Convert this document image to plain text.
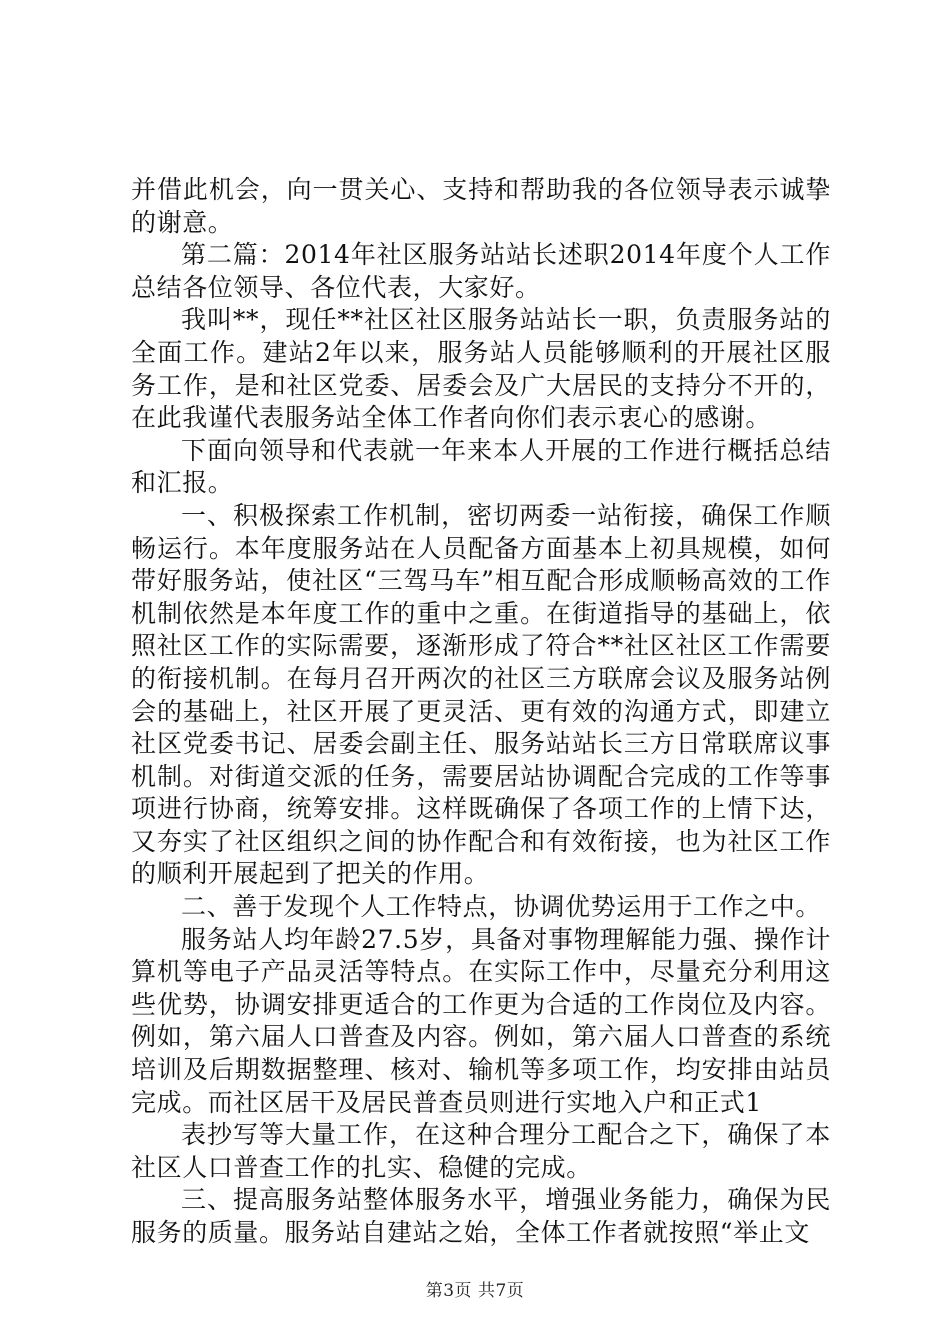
并借此机会，向一贯关心、支持和帮助我的各位领导表示诚挚的谢意。

第二篇：2014年社区服务站站长述职2014年度个人工作总结各位领导、各位代表，大家好。

我叫**，现任**社区社区服务站站长一职，负责服务站的全面工作。建站2年以来，服务站人员能够顺利的开展社区服务工作，是和社区党委、居委会及广大居民的支持分不开的，在此我谨代表服务站全体工作者向你们表示衷心的感谢。

下面向领导和代表就一年来本人开展的工作进行概括总结和汇报。

一、积极探索工作机制，密切两委一站衔接，确保工作顺畅运行。本年度服务站在人员配备方面基本上初具规模，如何带好服务站，使社区“三驾马车”相互配合形成顺畅高效的工作机制依然是本年度工作的重中之重。在街道指导的基础上，依照社区工作的实际需要，逐渐形成了符合**社区社区工作需要的衔接机制。在每月召开两次的社区三方联席会议及服务站例会的基础上，社区开展了更灵活、更有效的沟通方式，即建立社区党委书记、居委会副主任、服务站站长三方日常联席议事机制。对街道交派的任务，需要居站协调配合完成的工作等事项进行协商，统筹安排。这样既确保了各项工作的上情下达，又夯实了社区组织之间的协作配合和有效衔接，也为社区工作的顺利开展起到了把关的作用。

二、善于发现个人工作特点，协调优势运用于工作之中。

服务站人均年龄27.5岁，具备对事物理解能力强、操作计算机等电子产品灵活等特点。在实际工作中，尽量充分利用这些优势，协调安排更适合的工作更为合适的工作岗位及内容。例如，第六届人口普查及内容。例如，第六届人口普查的系统培训及后期数据整理、核对、输机等多项工作，均安排由站员完成。而社区居干及居民普查员则进行实地入户和正式1

表抄写等大量工作，在这种合理分工配合之下，确保了本社区人口普查工作的扎实、稳健的完成。

三、提高服务站整体服务水平，增强业务能力，确保为民服务的质量。服务站自建站之始，全体工作者就按照“举止文

第3页 共7页
